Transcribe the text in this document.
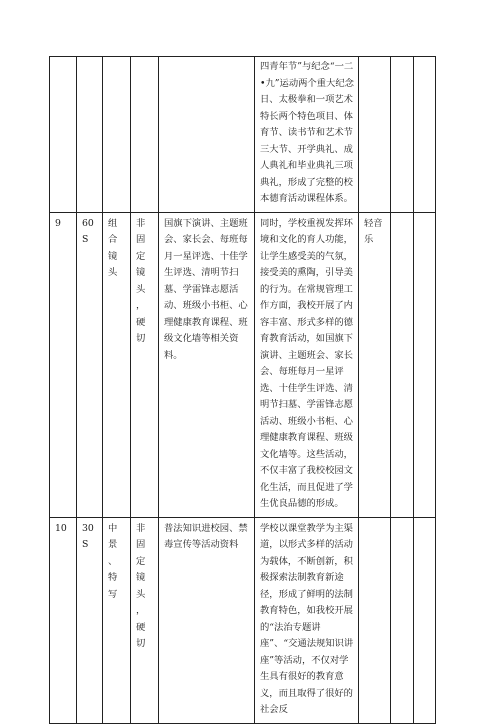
					四青年节”与纪念“一二•九”运动两个重大纪念日、太极拳和一项艺术特长两个特色项目、体育节、读书节和艺术节三大节、开学典礼、成人典礼和毕业典礼三项典礼，形成了完整的校本德育活动课程体系。			
9	60S	组合镜头	非固定镜头，硬切	国旗下演讲、主题班会、家长会、每班每月一星评选、十佳学生评选、清明节扫墓、学雷锋志愿活动、班级小书柜、心理健康教育课程、班级文化墙等相关资料。	同时，学校重视发挥环境和文化的育人功能，让学生感受美的气氛，接受美的熏陶，引导美的行为。在常规管理工作方面，我校开展了内容丰富、形式多样的德育教育活动，如国旗下演讲、主题班会、家长会、每班每月一星评选、十佳学生评选、清明节扫墓、学雷锋志愿活动、班级小书柜、心理健康教育课程、班级文化墙等。这些活动，不仅丰富了我校校园文化生活，而且促进了学生优良品德的形成。	轻音乐		
10	30S	中景、特写	非固定镜头，硬切	普法知识进校园、禁毒宣传等活动资料	学校以课堂教学为主渠道，以形式多样的活动为载体，不断创新，积极探索法制教育新途径，形成了鲜明的法制教育特色，如我校开展的“法治专题讲座”、“交通法规知识讲座”等活动，不仅对学生具有很好的教育意义，而且取得了很好的社会反			
